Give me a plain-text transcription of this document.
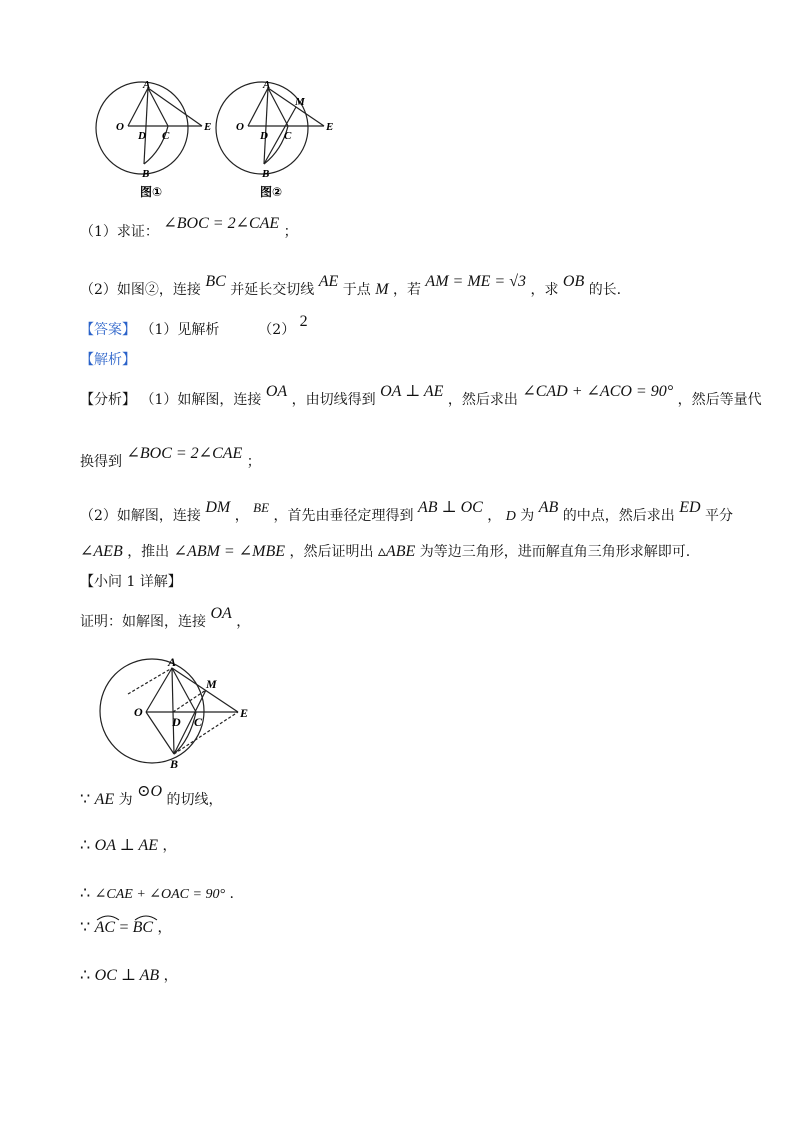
A
O
D C
E
B
图①
A
M
O
D C
E
B
图②
（1）求证： ∠BOC = 2∠CAE ；
（2）如图②，连接 BC 并延长交切线 AE 于点 M ，若 AM = ME = √3 ，求 OB 的长.
【答案】 （1）见解析	（2） 2
【解析】
【分析】 （1）如解图，连接 OA ，由切线得到 OA ⊥ AE ，然后求出 ∠CAD + ∠ACO = 90° ，然后等量代
换得到 ∠BOC = 2∠CAE ；
（2）如解图，连接 DM ， BE ，首先由垂径定理得到 AB ⊥ OC ， D 为 AB 的中点，然后求出 ED 平分
∠AEB ，推出 ∠ABM = ∠MBE ，然后证明出 ▵ABE 为等边三角形，进而解直角三角形求解即可.
【小问 1 详解】
证明：如解图，连接 OA ，
A
M
O
D C
E
B
∵ AE 为 ⊙O 的切线，
∴ OA ⊥ AE ，
∴ ∠CAE + ∠OAC = 90° .
∵ AC =
BC ，
∴ OC ⊥ AB ，
